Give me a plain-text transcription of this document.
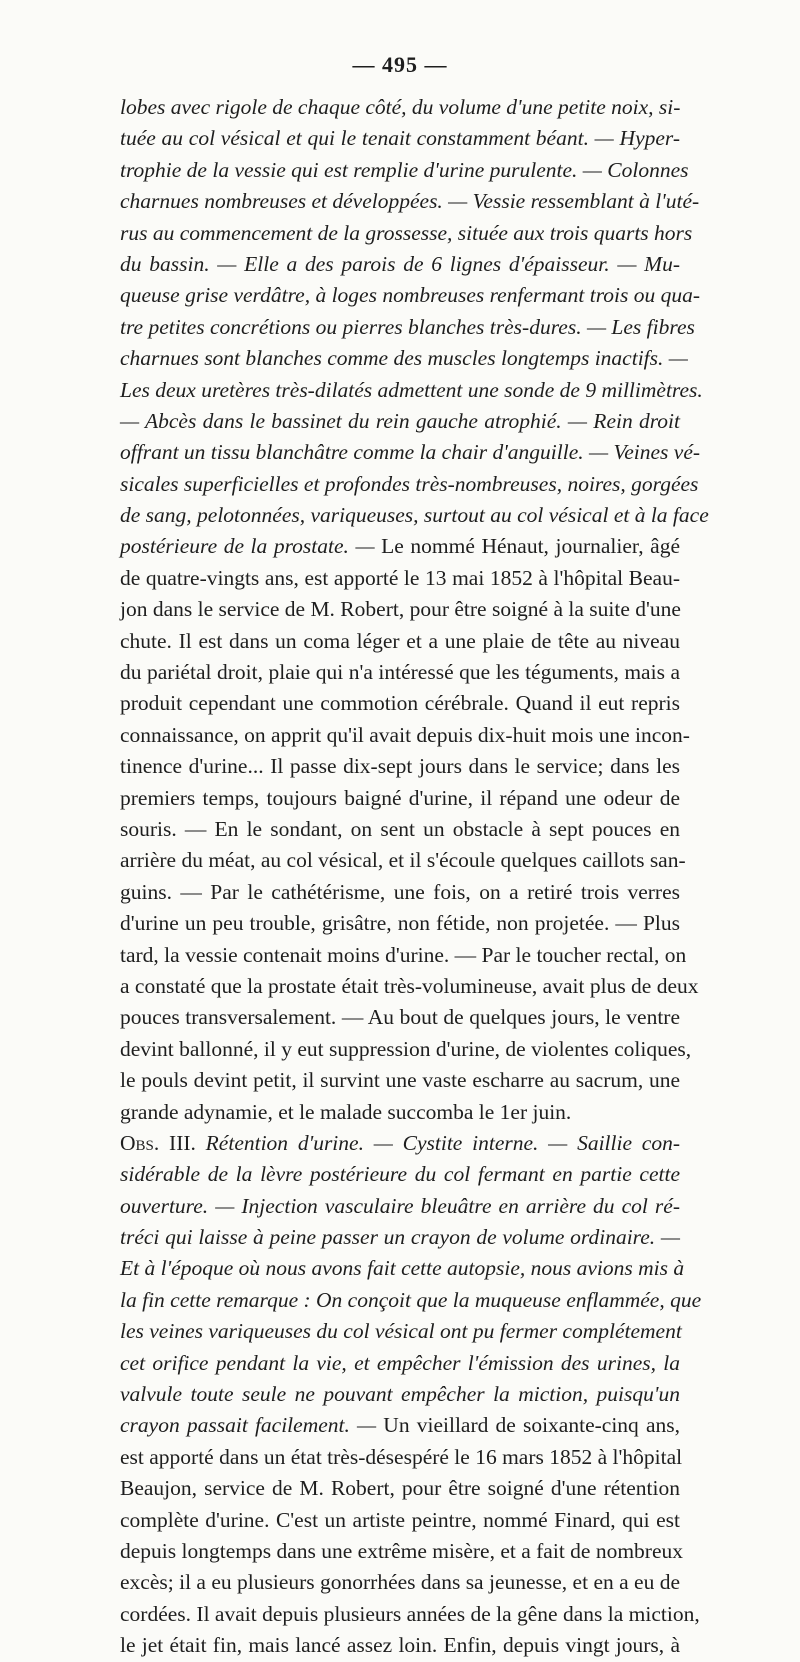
— 495 —
lobes avec rigole de chaque côté, du volume d'une petite noix, si-
tuée au col vésical et qui le tenait constamment béant. — Hyper-
trophie de la vessie qui est remplie d'urine purulente. — Colonnes
charnues nombreuses et développées. — Vessie ressemblant à l'uté-
rus au commencement de la grossesse, située aux trois quarts hors
du bassin. — Elle a des parois de 6 lignes d'épaisseur. — Mu-
queuse grise verdâtre, à loges nombreuses renfermant trois ou qua-
tre petites concrétions ou pierres blanches très-dures. — Les fibres
charnues sont blanches comme des muscles longtemps inactifs. —
Les deux uretères très-dilatés admettent une sonde de 9 millimètres.
— Abcès dans le bassinet du rein gauche atrophié. — Rein droit
offrant un tissu blanchâtre comme la chair d'anguille. — Veines vé-
sicales superficielles et profondes très-nombreuses, noires, gorgées
de sang, pelotonnées, variqueuses, surtout au col vésical et à la face
postérieure de la prostate. — Le nommé Hénaut, journalier, âgé
de quatre-vingts ans, est apporté le 13 mai 1852 à l'hôpital Beau-
jon dans le service de M. Robert, pour être soigné à la suite d'une
chute. Il est dans un coma léger et a une plaie de tête au niveau
du pariétal droit, plaie qui n'a intéressé que les téguments, mais a
produit cependant une commotion cérébrale. Quand il eut repris
connaissance, on apprit qu'il avait depuis dix-huit mois une incon-
tinence d'urine... Il passe dix-sept jours dans le service; dans les
premiers temps, toujours baigné d'urine, il répand une odeur de
souris. — En le sondant, on sent un obstacle à sept pouces en
arrière du méat, au col vésical, et il s'écoule quelques caillots san-
guins. — Par le cathétérisme, une fois, on a retiré trois verres
d'urine un peu trouble, grisâtre, non fétide, non projetée. — Plus
tard, la vessie contenait moins d'urine. — Par le toucher rectal, on
a constaté que la prostate était très-volumineuse, avait plus de deux
pouces transversalement. — Au bout de quelques jours, le ventre
devint ballonné, il y eut suppression d'urine, de violentes coliques,
le pouls devint petit, il survint une vaste escharre au sacrum, une
grande adynamie, et le malade succomba le 1er juin.
Obs. III. Rétention d'urine. — Cystite interne. — Saillie con-
sidérable de la lèvre postérieure du col fermant en partie cette
ouverture. — Injection vasculaire bleuâtre en arrière du col ré-
tréci qui laisse à peine passer un crayon de volume ordinaire. —
Et à l'époque où nous avons fait cette autopsie, nous avions mis à
la fin cette remarque : On conçoit que la muqueuse enflammée, que
les veines variqueuses du col vésical ont pu fermer complétement
cet orifice pendant la vie, et empêcher l'émission des urines, la
valvule toute seule ne pouvant empêcher la miction, puisqu'un
crayon passait facilement. — Un vieillard de soixante-cinq ans,
est apporté dans un état très-désespéré le 16 mars 1852 à l'hôpital
Beaujon, service de M. Robert, pour être soigné d'une rétention
complète d'urine. C'est un artiste peintre, nommé Finard, qui est
depuis longtemps dans une extrême misère, et a fait de nombreux
excès; il a eu plusieurs gonorrhées dans sa jeunesse, et en a eu de
cordées. Il avait depuis plusieurs années de la gêne dans la miction,
le jet était fin, mais lancé assez loin. Enfin, depuis vingt jours, à
